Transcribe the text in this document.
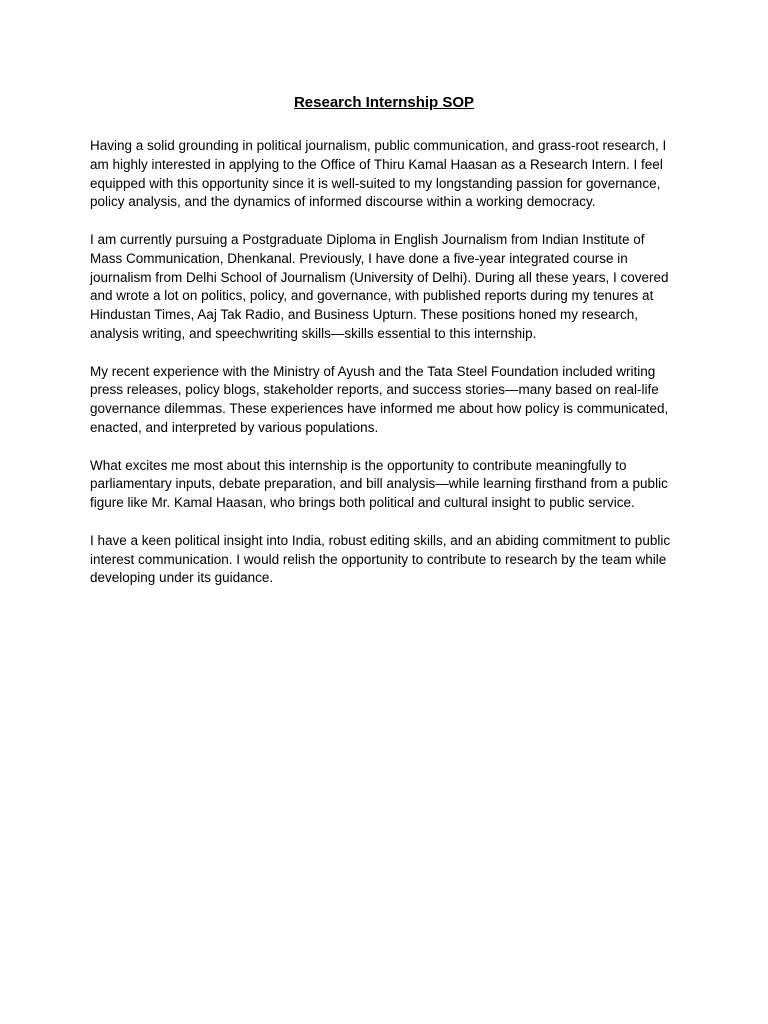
Research Internship SOP

Having a solid grounding in political journalism, public communication, and grass-root research, I am highly interested in applying to the Office of Thiru Kamal Haasan as a Research Intern. I feel equipped with this opportunity since it is well-suited to my longstanding passion for governance, policy analysis, and the dynamics of informed discourse within a working democracy.

I am currently pursuing a Postgraduate Diploma in English Journalism from Indian Institute of Mass Communication, Dhenkanal. Previously, I have done a five-year integrated course in journalism from Delhi School of Journalism (University of Delhi). During all these years, I covered and wrote a lot on politics, policy, and governance, with published reports during my tenures at Hindustan Times, Aaj Tak Radio, and Business Upturn. These positions honed my research, analysis writing, and speechwriting skills—skills essential to this internship.

My recent experience with the Ministry of Ayush and the Tata Steel Foundation included writing press releases, policy blogs, stakeholder reports, and success stories—many based on real-life governance dilemmas. These experiences have informed me about how policy is communicated, enacted, and interpreted by various populations.

What excites me most about this internship is the opportunity to contribute meaningfully to parliamentary inputs, debate preparation, and bill analysis—while learning firsthand from a public figure like Mr. Kamal Haasan, who brings both political and cultural insight to public service.

I have a keen political insight into India, robust editing skills, and an abiding commitment to public interest communication. I would relish the opportunity to contribute to research by the team while developing under its guidance.
